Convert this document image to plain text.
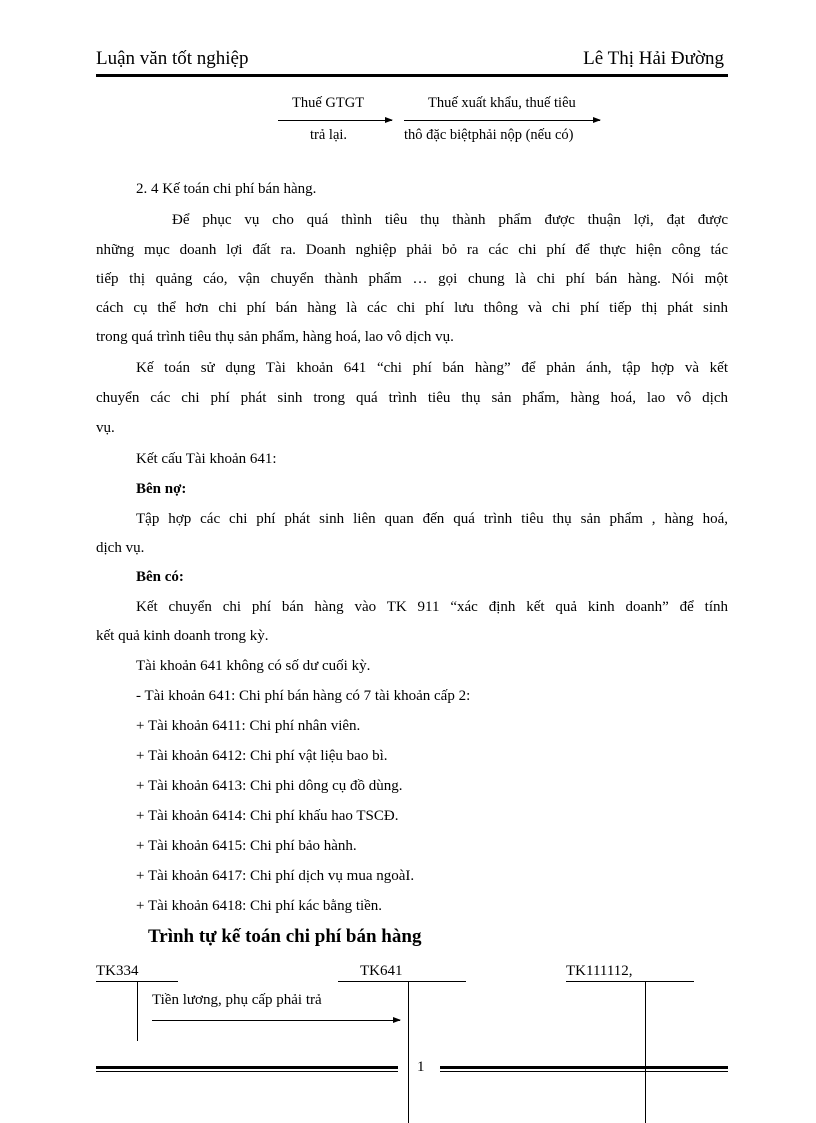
Luận văn tốt nghiệp	Lê Thị Hải Đường
Thuế GTGT
trả lại.
Thuế xuất khẩu, thuế tiêu
thô đặc biệtphải nộp (nếu có)
2. 4 Kế toán chi phí bán hàng.
Để phục vụ cho quá thình tiêu thụ thành phẩm được thuận lợi, đạt được
những mục doanh lợi đất ra. Doanh nghiệp phải bỏ ra các chi phí để thực hiện công tác
tiếp thị quảng cáo, vận chuyển thành phẩm … gọi chung là chi phí bán hàng. Nói một
cách cụ thể hơn chi phí bán hàng là các chi phí lưu thông và chi phí tiếp thị phát sinh
trong quá trình tiêu thụ sản phẩm, hàng hoá, lao vô dịch vụ.
Kế toán sử dụng Tài khoản 641 “chi phí bán hàng” để phản ánh, tập hợp và kết
chuyển các chi phí phát sinh trong quá trình tiêu thụ sản phẩm, hàng hoá, lao vô dịch
vụ.
Kết cấu Tài khoản 641:
Bên nợ:
Tập hợp các chi phí phát sinh liên quan đến quá trình tiêu thụ sản phẩm , hàng hoá,
dịch vụ.
Bên có:
Kết chuyển chi phí bán hàng vào TK 911 “xác định kết quả kinh doanh” để tính
kết quả kinh doanh trong kỳ.
Tài khoản 641 không có số dư cuối kỳ.
- Tài khoản 641: Chi phí bán hàng có 7 tài khoản cấp 2:
+ Tài khoản 6411: Chi phí nhân viên.
+ Tài khoản 6412: Chi phí vật liệu bao bì.
+ Tài khoản 6413: Chi phi dông cụ đồ dùng.
+ Tài khoản 6414: Chi phí khấu hao TSCĐ.
+ Tài khoản 6415: Chi phí bảo hành.
+ Tài khoản 6417: Chi phí dịch vụ mua ngoàI.
+ Tài khoản 6418: Chi phí kác bằng tiền.
Trình tự kế toán chi phí bán hàng
TK334	TK641	TK111112,
Tiền lương, phụ cấp phải trả
1
